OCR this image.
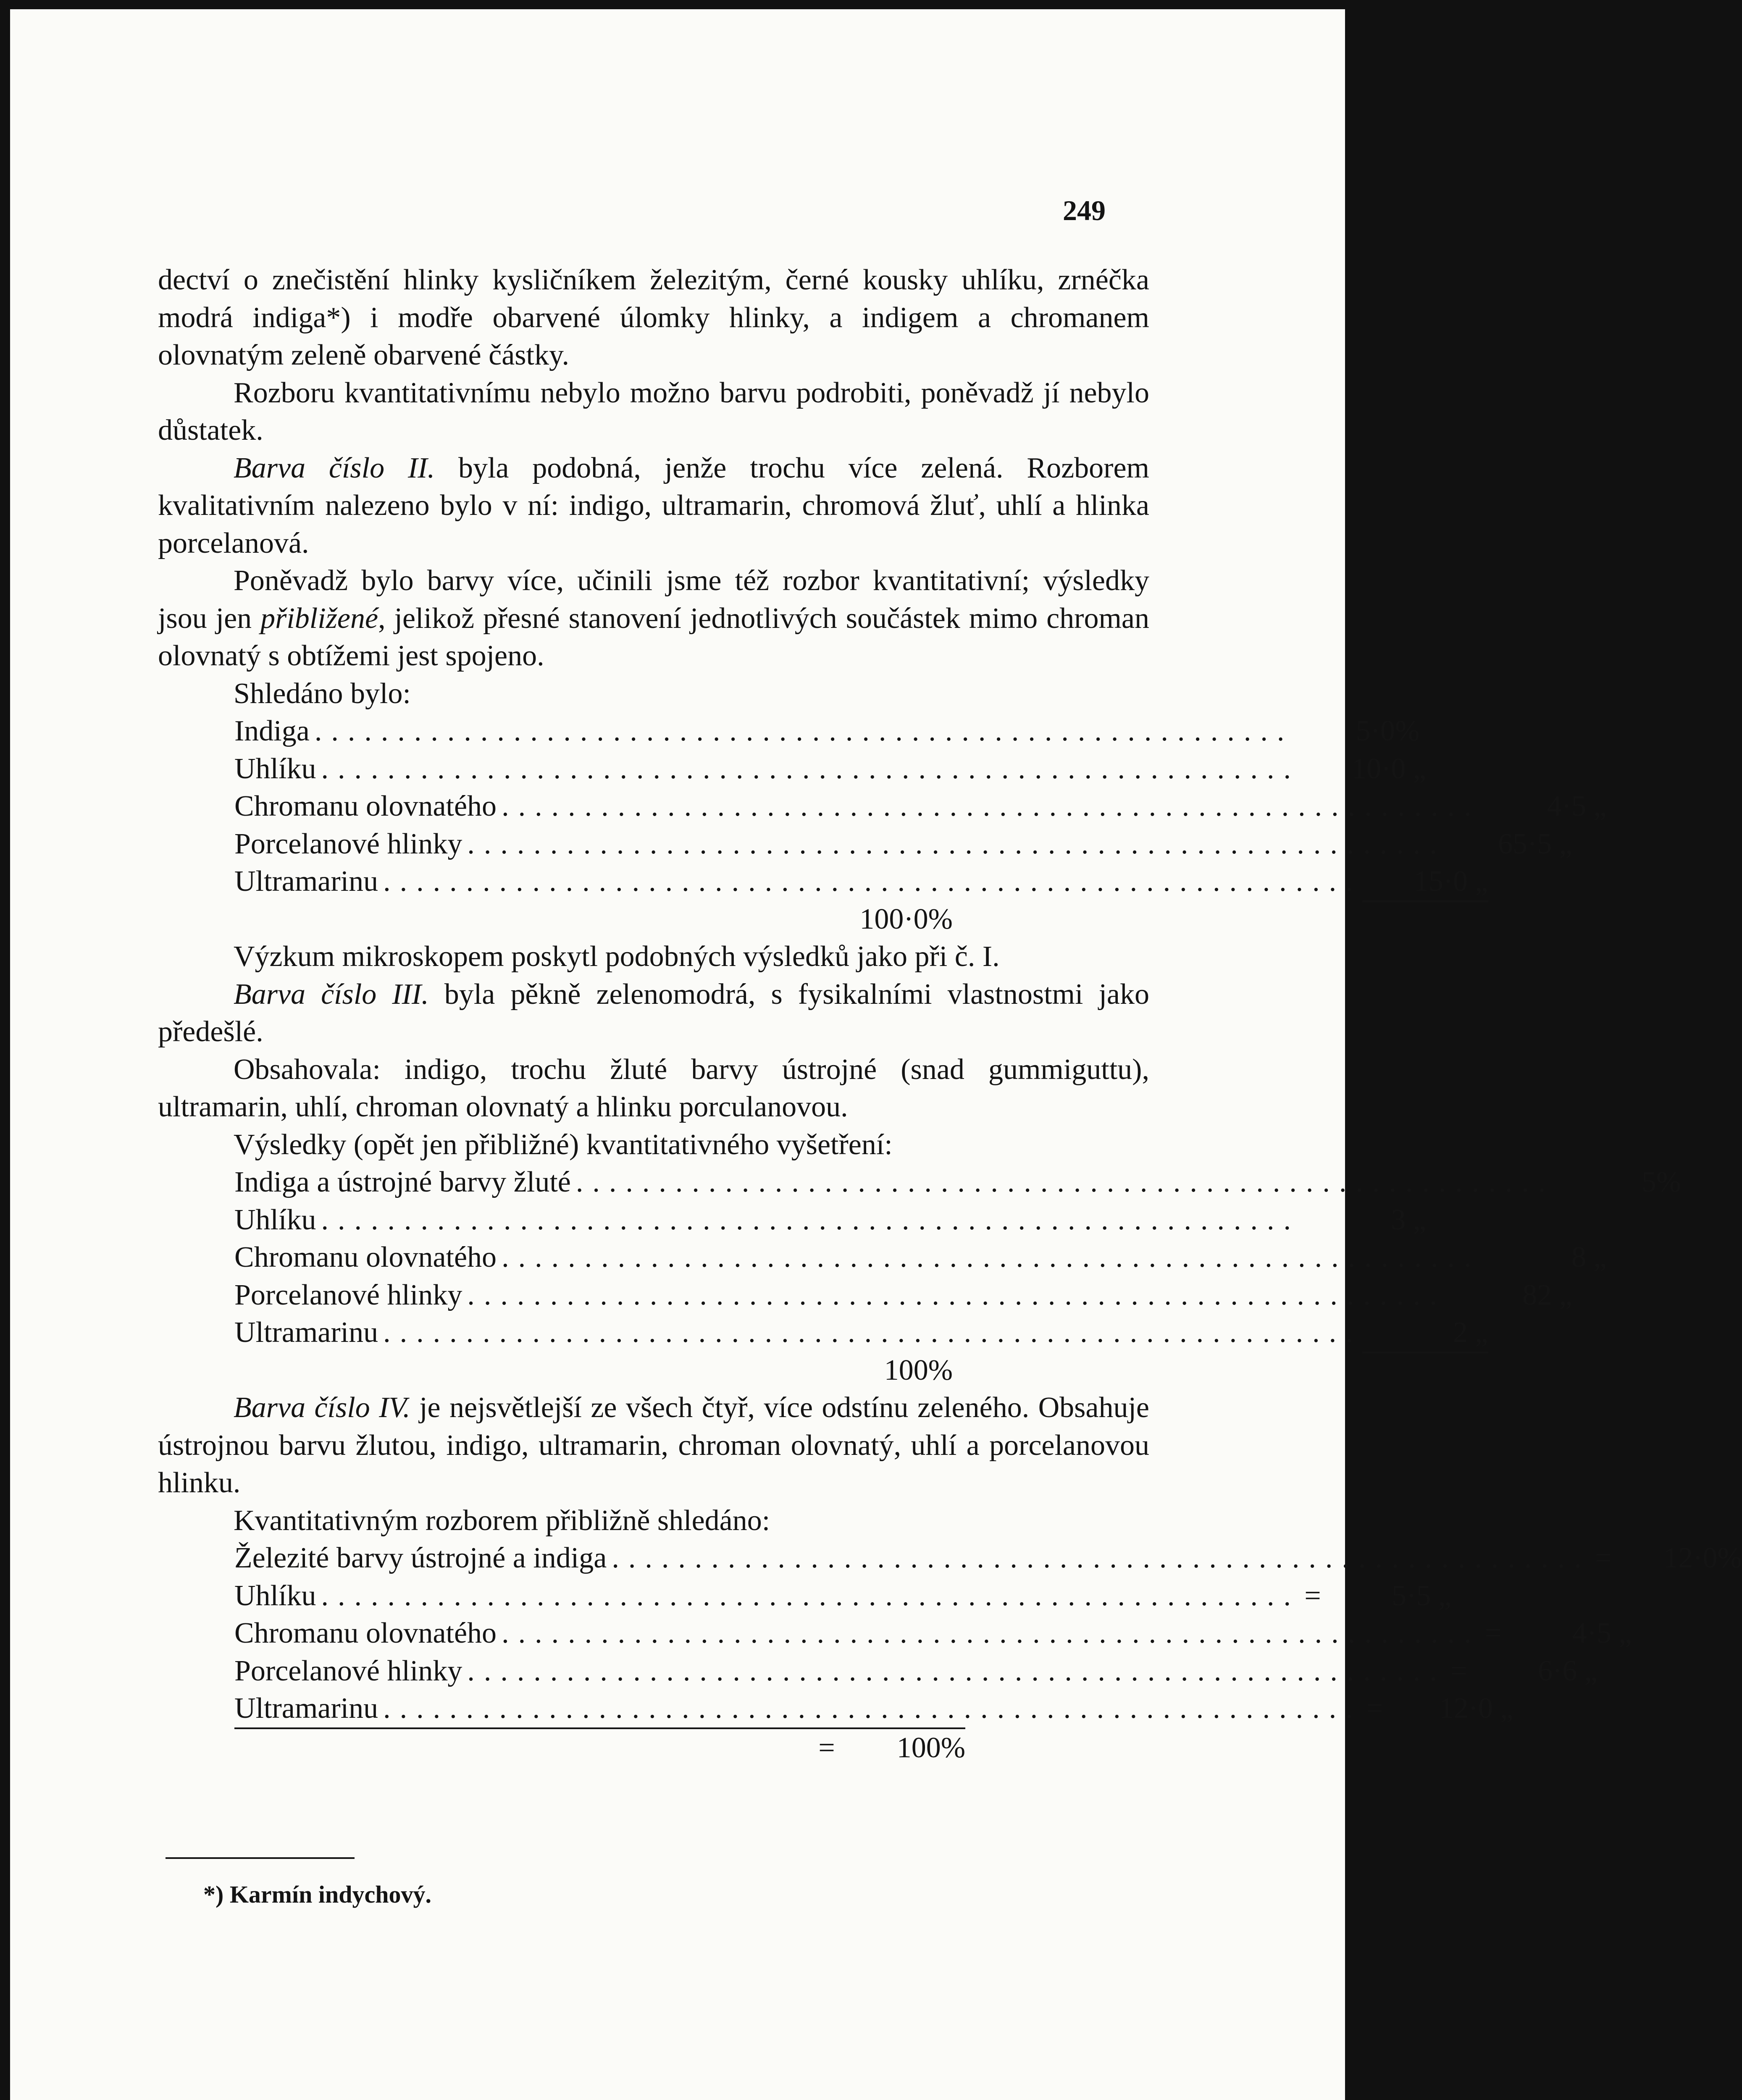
249

dectví o znečistění hlinky kysličníkem železitým, černé kousky uhlíku, zrnéčka modrá indiga*) i modře obarvené úlomky hlinky, a indigem a chromanem olovnatým zeleně obarvené částky.

Rozboru kvantitativnímu nebylo možno barvu podrobiti, poněvadž jí nebylo důstatek.

Barva číslo II. byla podobná, jenže trochu více zelená. Rozborem kvalitativním nalezeno bylo v ní: indigo, ultramarin, chromová žluť, uhlí a hlinka porcelanová.

Poněvadž bylo barvy více, učinili jsme též rozbor kvantitativní; výsledky jsou jen přibližené, jelikož přesné stanovení jednotlivých součástek mimo chroman olovnatý s obtížemi jest spojeno.

Shledáno bylo:

Indiga ...........................................................	5·0%
Uhlíku ...........................................................	10·0 „
Chromanu olovnatého ...........................................................	4·5 „
Porcelanové hlinky ...........................................................	65·5 „
Ultramarinu ...........................................................	15·0 „
100·0%

Výzkum mikroskopem poskytl podobných výsledků jako při č. I.

Barva číslo III. byla pěkně zelenomodrá, s fysikalními vlastnostmi jako předešlé.

Obsahovala: indigo, trochu žluté barvy ústrojné (snad gummiguttu), ultramarin, uhlí, chroman olovnatý a hlinku porculanovou.

Výsledky (opět jen přibližné) kvantitativného vyšetření:

Indiga a ústrojné barvy žluté ...........................................................	5%
Uhlíku ...........................................................	3 „
Chromanu olovnatého ...........................................................	8 „
Porcelanové hlinky ...........................................................	82 „
Ultramarinu ...........................................................	2 „
100%

Barva číslo IV. je nejsvětlejší ze všech čtyř, více odstínu zeleného. Obsahuje ústrojnou barvu žlutou, indigo, ultramarin, chroman olovnatý, uhlí a porcelanovou hlinku.

Kvantitativným rozborem přibližně shledáno:

Železité barvy ústrojné a indiga ........................................................... =	12·0%
Uhlíku ........................................................... =	5·5 „
Chromanu olovnatého ........................................................... =	4·5 „
Porcelanové hlinky ........................................................... =	6·6 „
Ultramarinu ........................................................... =	12·0 „
=	100%
*) Karmín indychový.
